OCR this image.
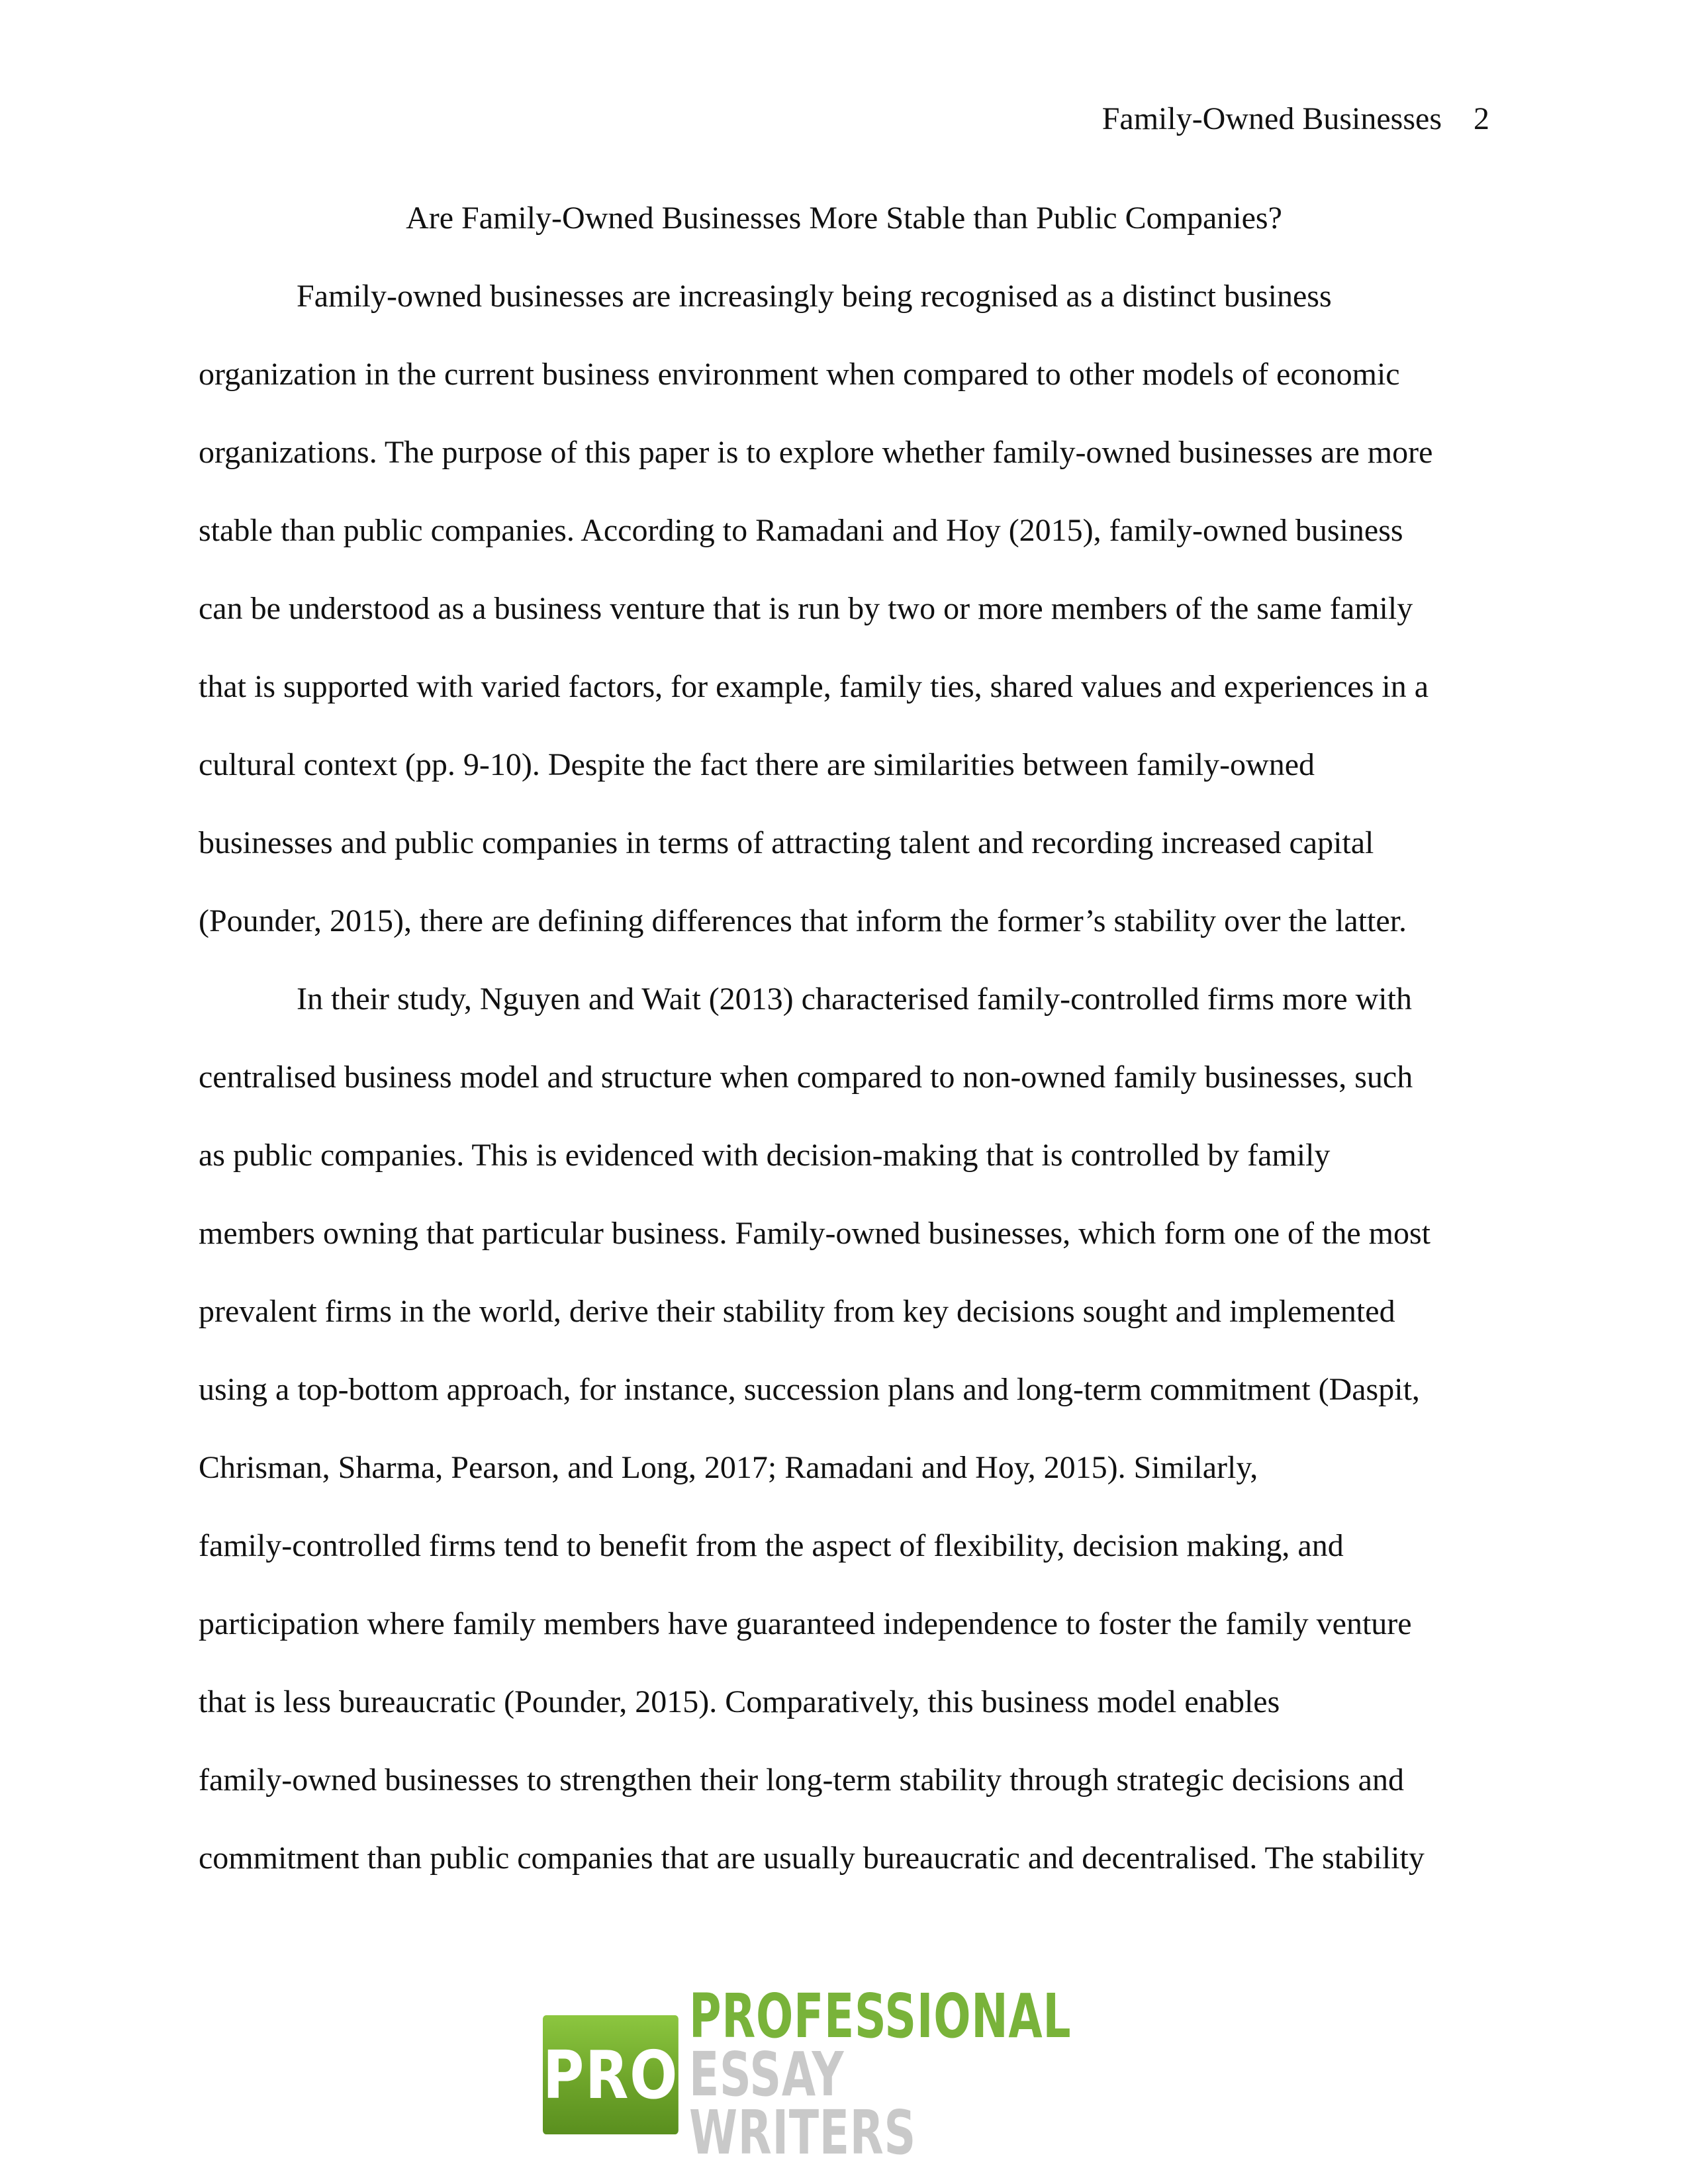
Family-Owned Businesses 2
Are Family-Owned Businesses More Stable than Public Companies?
Family-owned businesses are increasingly being recognised as a distinct business
organization in the current business environment when compared to other models of economic
organizations. The purpose of this paper is to explore whether family-owned businesses are more
stable than public companies. According to Ramadani and Hoy (2015), family-owned business
can be understood as a business venture that is run by two or more members of the same family
that is supported with varied factors, for example, family ties, shared values and experiences in a
cultural context (pp. 9-10). Despite the fact there are similarities between family-owned
businesses and public companies in terms of attracting talent and recording increased capital
(Pounder, 2015), there are defining differences that inform the former’s stability over the latter.
In their study, Nguyen and Wait (2013) characterised family-controlled firms more with
centralised business model and structure when compared to non-owned family businesses, such
as public companies. This is evidenced with decision-making that is controlled by family
members owning that particular business. Family-owned businesses, which form one of the most
prevalent firms in the world, derive their stability from key decisions sought and implemented
using a top-bottom approach, for instance, succession plans and long-term commitment (Daspit,
Chrisman, Sharma, Pearson, and Long, 2017; Ramadani and Hoy, 2015). Similarly,
family-controlled firms tend to benefit from the aspect of flexibility, decision making, and
participation where family members have guaranteed independence to foster the family venture
that is less bureaucratic (Pounder, 2015). Comparatively, this business model enables
family-owned businesses to strengthen their long-term stability through strategic decisions and
commitment than public companies that are usually bureaucratic and decentralised. The stability
PRO
PROFESSIONAL
ESSAY WRITERS
